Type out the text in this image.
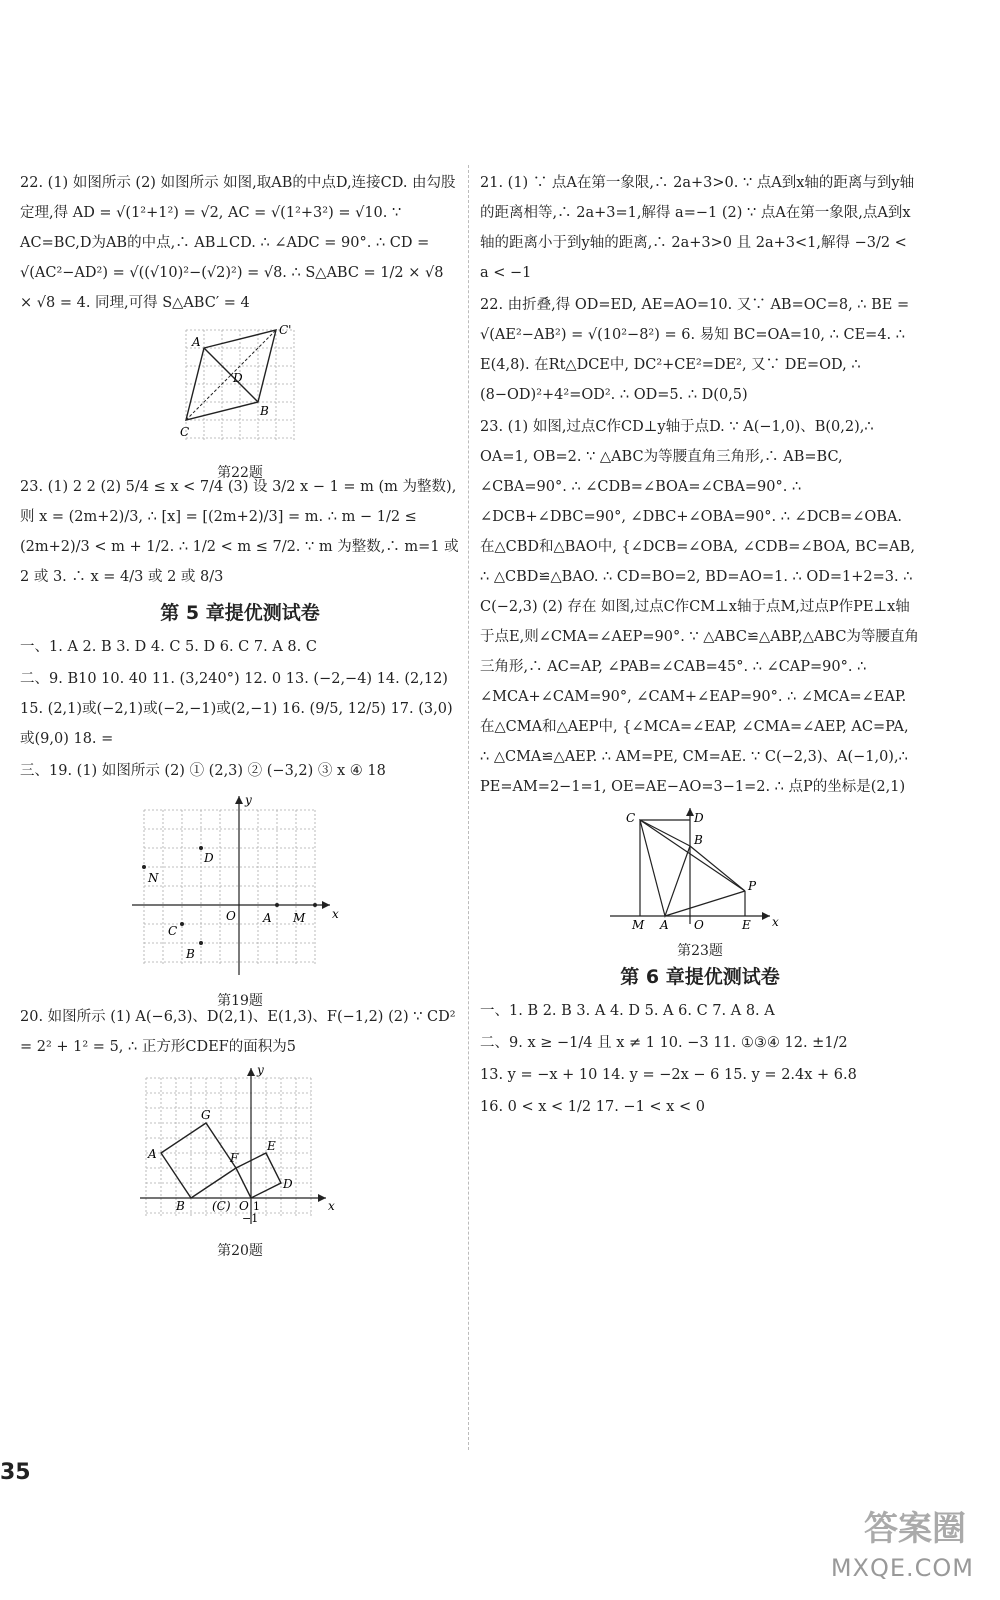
22. (1) 如图所示 (2) 如图所示 如图,取AB的中点D,连接CD. 由勾股定理,得 AD = √(1²+1²) = √2, AC = √(1²+3²) = √10. ∵ AC=BC,D为AB的中点,∴ AB⊥CD. ∴ ∠ADC = 90°. ∴ CD = √(AC²−AD²) = √((√10)²−(√2)²) = √8. ∴ S△ABC = 1/2 × √8 × √8 = 4. 同理,可得 S△ABC′ = 4

A
C'
D
B
C
第22题

23. (1) 2 2 (2) 5/4 ≤ x < 7/4 (3) 设 3/2 x − 1 = m (m 为整数),则 x = (2m+2)/3, ∴ [x] = [(2m+2)/3] = m. ∴ m − 1/2 ≤ (2m+2)/3 < m + 1/2. ∴ 1/2 < m ≤ 7/2. ∵ m 为整数,∴ m=1 或 2 或 3. ∴ x = 4/3 或 2 或 8/3

第 5 章提优测试卷

一、1. A 2. B 3. D 4. C 5. D 6. C 7. A 8. C

二、9. B10 10. 40 11. (3,240°) 12. 0 13. (−2,−4) 14. (2,12) 15. (2,1)或(−2,1)或(−2,−1)或(2,−1) 16. (9/5, 12/5) 17. (3,0)或(9,0) 18. =

三、19. (1) 如图所示 (2) ① (2,3) ② (−3,2) ③ x ④ 18

y
x
O
D
N
A M
C
B
第19题

20. 如图所示 (1) A(−6,3)、D(2,1)、E(1,3)、F(−1,2) (2) ∵ CD² = 2² + 1² = 5, ∴ 正方形CDEF的面积为5

y
x
G
A	F
E
B (C) O 1
D
−1
第20题

21. (1) ∵ 点A在第一象限,∴ 2a+3>0. ∵ 点A到x轴的距离与到y轴的距离相等,∴ 2a+3=1,解得 a=−1 (2) ∵ 点A在第一象限,点A到x轴的距离小于到y轴的距离,∴ 2a+3>0 且 2a+3<1,解得 −3/2 < a < −1

22. 由折叠,得 OD=ED, AE=AO=10. 又∵ AB=OC=8, ∴ BE = √(AE²−AB²) = √(10²−8²) = 6. 易知 BC=OA=10, ∴ CE=4. ∴ E(4,8). 在Rt△DCE中, DC²+CE²=DE², 又∵ DE=OD, ∴ (8−OD)²+4²=OD². ∴ OD=5. ∴ D(0,5)

23. (1) 如图,过点C作CD⊥y轴于点D. ∵ A(−1,0)、B(0,2),∴ OA=1, OB=2. ∵ △ABC为等腰直角三角形,∴ AB=BC, ∠CBA=90°. ∴ ∠CDB=∠BOA=∠CBA=90°. ∴ ∠DCB+∠DBC=90°, ∠DBC+∠OBA=90°. ∴ ∠DCB=∠OBA. 在△CBD和△BAO中, {∠DCB=∠OBA, ∠CDB=∠BOA, BC=AB, ∴ △CBD≌△BAO. ∴ CD=BO=2, BD=AO=1. ∴ OD=1+2=3. ∴ C(−2,3) (2) 存在 如图,过点C作CM⊥x轴于点M,过点P作PE⊥x轴于点E,则∠CMA=∠AEP=90°. ∵ △ABC≌△ABP,△ABC为等腰直角三角形,∴ AC=AP, ∠PAB=∠CAB=45°. ∴ ∠CAP=90°. ∴ ∠MCA+∠CAM=90°, ∠CAM+∠EAP=90°. ∴ ∠MCA=∠EAP. 在△CMA和△AEP中, {∠MCA=∠EAP, ∠CMA=∠AEP, AC=PA, ∴ △CMA≌△AEP. ∴ AM=PE, CM=AE. ∵ C(−2,3)、A(−1,0),∴ PE=AM=2−1=1, OE=AE−AO=3−1=2. ∴ 点P的坐标是(2,1)

C	D
B
P
M A O	E x
第23题
第 6 章提优测试卷

一、1. B 2. B 3. A 4. D 5. A 6. C 7. A 8. A

二、9. x ≥ −1/4 且 x ≠ 1 10. −3 11. ①③④ 12. ±1/2

13. y = −x + 10 14. y = −2x − 6 15. y = 2.4x + 6.8

16. 0 < x < 1/2 17. −1 < x < 0

35
答案圈
MXQE.COM
